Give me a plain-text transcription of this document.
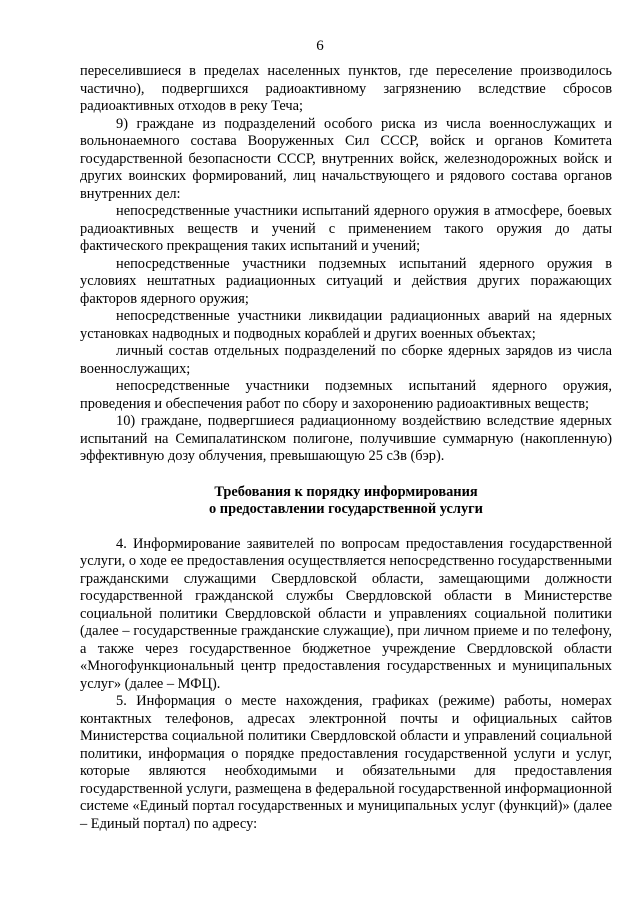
6

переселившиеся в пределах населенных пунктов, где переселение производилось частично), подвергшихся радиоактивному загрязнению вследствие сбросов радиоактивных отходов в реку Теча;

9) граждане из подразделений особого риска из числа военнослужащих и вольнонаемного состава Вооруженных Сил СССР, войск и органов Комитета государственной безопасности СССР, внутренних войск, железнодорожных войск и других воинских формирований, лиц начальствующего и рядового состава органов внутренних дел:

непосредственные участники испытаний ядерного оружия в атмосфере, боевых радиоактивных веществ и учений с применением такого оружия до даты фактического прекращения таких испытаний и учений;

непосредственные участники подземных испытаний ядерного оружия в условиях нештатных радиационных ситуаций и действия других поражающих факторов ядерного оружия;

непосредственные участники ликвидации радиационных аварий на ядерных установках надводных и подводных кораблей и других военных объектах;

личный состав отдельных подразделений по сборке ядерных зарядов из числа военнослужащих;

непосредственные участники подземных испытаний ядерного оружия, проведения и обеспечения работ по сбору и захоронению радиоактивных веществ;

10) граждане, подвергшиеся радиационному воздействию вследствие ядерных испытаний на Семипалатинском полигоне, получившие суммарную (накопленную) эффективную дозу облучения, превышающую 25 сЗв (бэр).

Требования к порядку информирования
о предоставлении государственной услуги

4. Информирование заявителей по вопросам предоставления государственной услуги, о ходе ее предоставления осуществляется непосредственно государственными гражданскими служащими Свердловской области, замещающими должности государственной гражданской службы Свердловской области в Министерстве социальной политики Свердловской области и управлениях социальной политики (далее – государственные гражданские служащие), при личном приеме и по телефону, а также через государственное бюджетное учреждение Свердловской области «Многофункциональный центр предоставления государственных и муниципальных услуг» (далее – МФЦ).

5. Информация о месте нахождения, графиках (режиме) работы, номерах контактных телефонов, адресах электронной почты и официальных сайтов Министерства социальной политики Свердловской области и управлений социальной политики, информация о порядке предоставления государственной услуги и услуг, которые являются необходимыми и обязательными для предоставления государственной услуги, размещена в федеральной государственной информационной системе «Единый портал государственных и муниципальных услуг (функций)» (далее – Единый портал) по адресу:
